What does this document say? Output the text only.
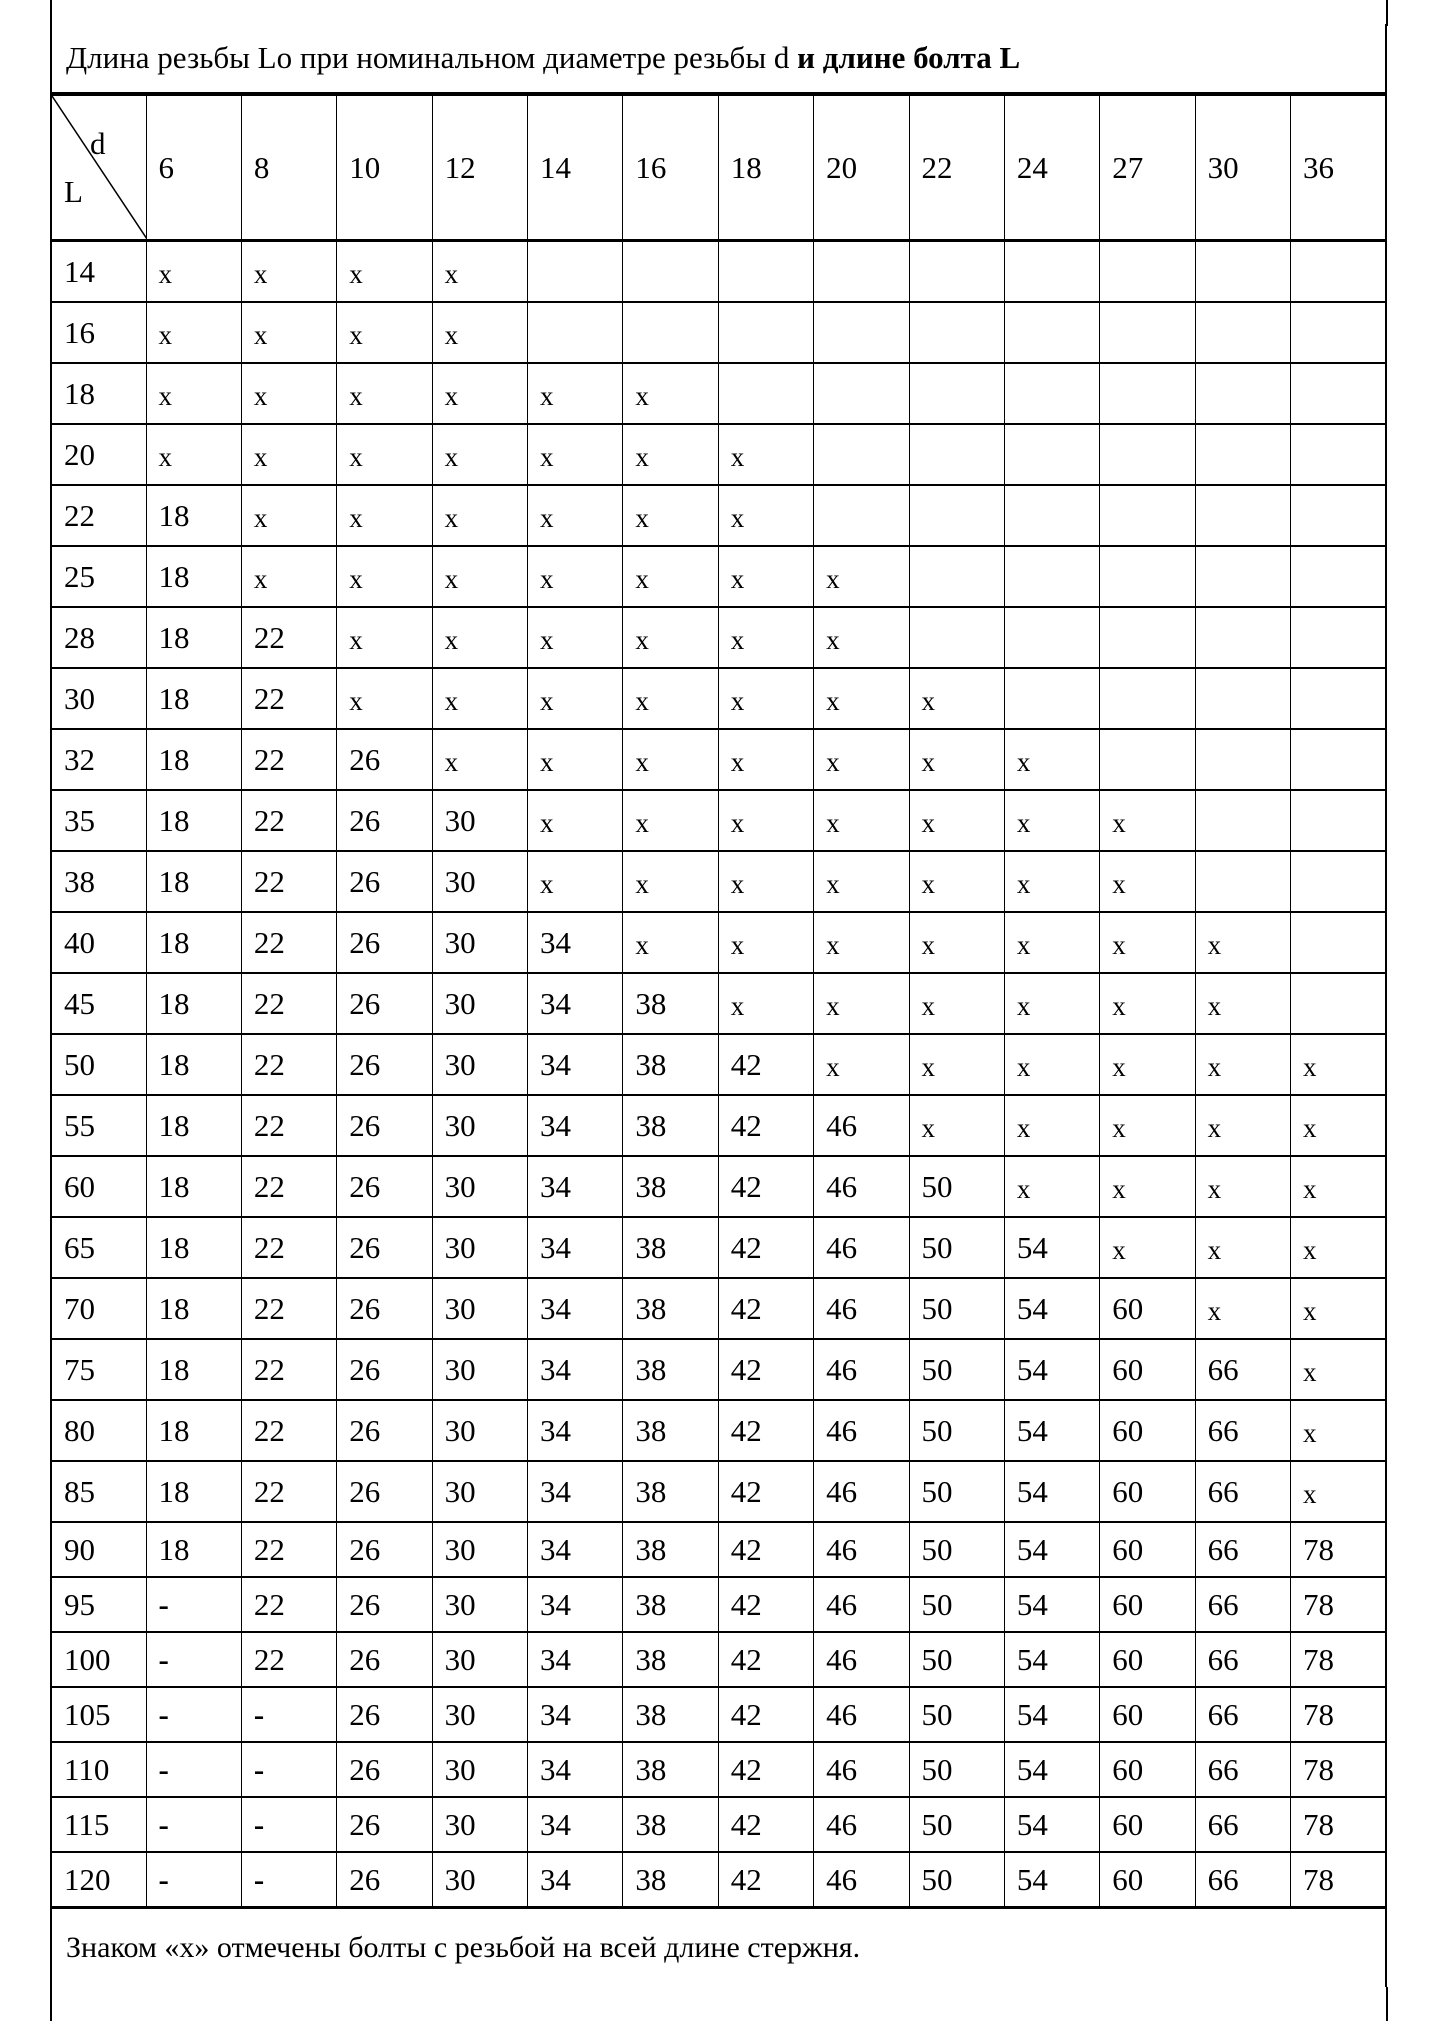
Длина резьбы Lo при номинальном диаметре резьбы d и длине болта L
d
L	6	8	10	12	14	16	18	20	22	24	27	30	36
14	x	x	x	x									
16	x	x	x	x									
18	x	x	x	x	x	x							
20	x	x	x	x	x	x	x						
22	18	x	x	x	x	x	x						
25	18	x	x	x	x	x	x	x					
28	18	22	x	x	x	x	x	x					
30	18	22	x	x	x	x	x	x	x				
32	18	22	26	x	x	x	x	x	x	x			
35	18	22	26	30	x	x	x	x	x	x	x		
38	18	22	26	30	x	x	x	x	x	x	x		
40	18	22	26	30	34	x	x	x	x	x	x	x	
45	18	22	26	30	34	38	x	x	x	x	x	x	
50	18	22	26	30	34	38	42	x	x	x	x	x	x
55	18	22	26	30	34	38	42	46	x	x	x	x	x
60	18	22	26	30	34	38	42	46	50	x	x	x	x
65	18	22	26	30	34	38	42	46	50	54	x	x	x
70	18	22	26	30	34	38	42	46	50	54	60	x	x
75	18	22	26	30	34	38	42	46	50	54	60	66	x
80	18	22	26	30	34	38	42	46	50	54	60	66	x
85	18	22	26	30	34	38	42	46	50	54	60	66	x
90	18	22	26	30	34	38	42	46	50	54	60	66	78
95	-	22	26	30	34	38	42	46	50	54	60	66	78
100	-	22	26	30	34	38	42	46	50	54	60	66	78
105	-	-	26	30	34	38	42	46	50	54	60	66	78
110	-	-	26	30	34	38	42	46	50	54	60	66	78
115	-	-	26	30	34	38	42	46	50	54	60	66	78
120	-	-	26	30	34	38	42	46	50	54	60	66	78
Знаком «х» отмечены болты с резьбой на всей длине стержня.
